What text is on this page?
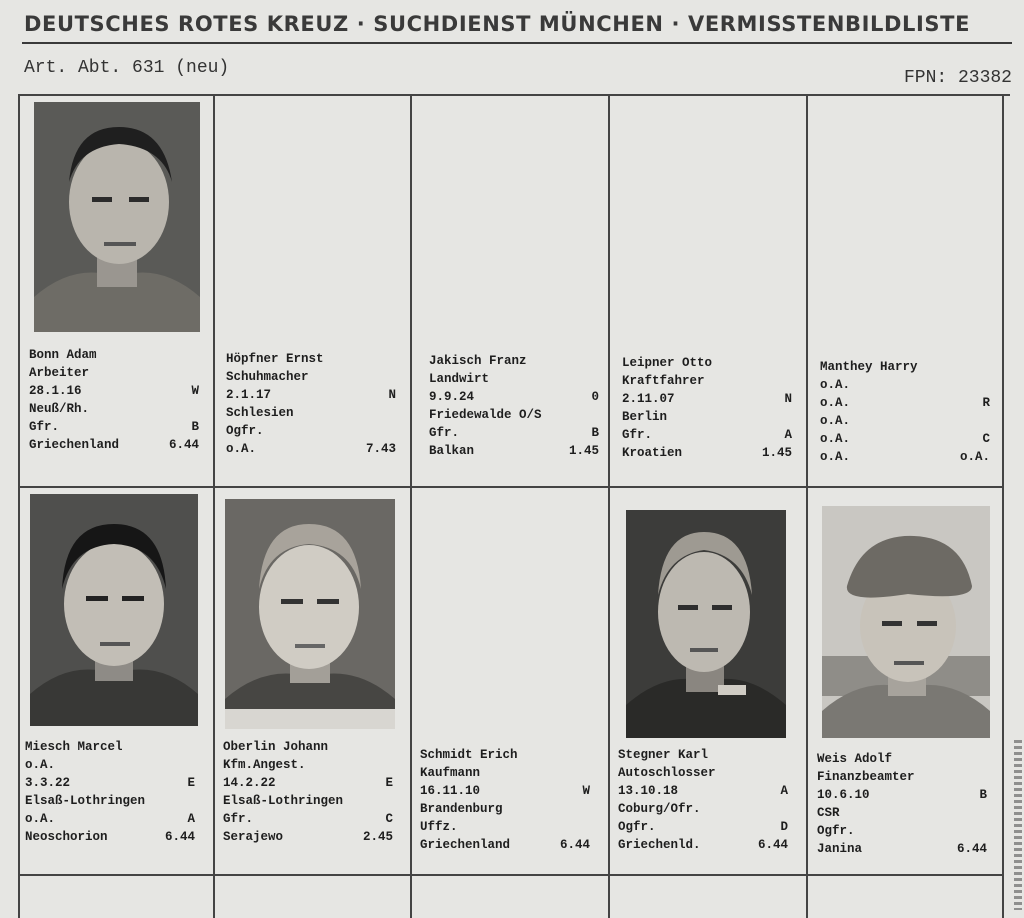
DEUTSCHES ROTES KREUZ · SUCHDIENST MÜNCHEN · VERMISSTENBILDLISTE
Art. Abt. 631 (neu)	FPN: 23382
Bonn Adam
Arbeiter
28.1.16	W
Neuß/Rh.
Gfr.	B
Griechenland	6.44
Höpfner Ernst
Schuhmacher
2.1.17	N
Schlesien
Ogfr.
o.A.	7.43
Jakisch Franz
Landwirt
9.9.24	0
Friedewalde O/S
Gfr.	B
Balkan	1.45
Leipner Otto
Kraftfahrer
2.11.07	N
Berlin
Gfr.	A
Kroatien	1.45
Manthey Harry
o.A.
o.A.	R
o.A.
o.A.	C
o.A.	o.A.
Miesch Marcel
o.A.
3.3.22	E
Elsaß-Lothringen
o.A.	A
Neoschorion	6.44
Oberlin Johann
Kfm.Angest.
14.2.22	E
Elsaß-Lothringen
Gfr.	C
Serajewo	2.45
Schmidt Erich
Kaufmann
16.11.10	W
Brandenburg
Uffz.
Griechenland	6.44
Stegner Karl
Autoschlosser
13.10.18	A
Coburg/Ofr.
Ogfr.	D
Griechenld.	6.44
Weis Adolf
Finanzbeamter
10.6.10	B
CSR
Ogfr.
Janina	6.44
